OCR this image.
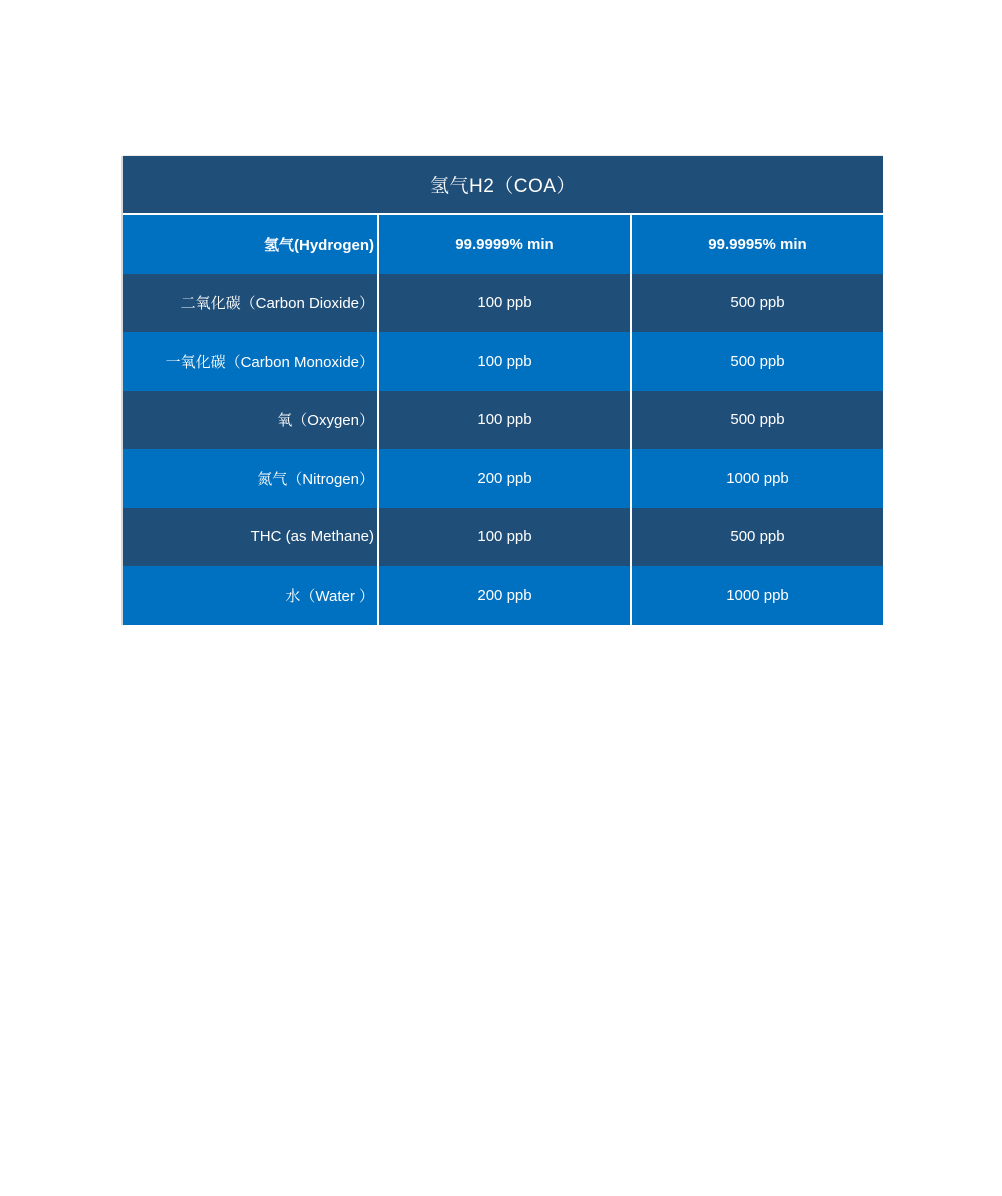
氢气H2（COA）
氢气(Hydrogen)	99.9999% min	99.9995% min
二氧化碳（Carbon Dioxide）	100 ppb	500 ppb
一氧化碳（Carbon Monoxide）	100 ppb	500 ppb
氧（Oxygen）	100 ppb	500 ppb
氮气（Nitrogen）	200 ppb	1000 ppb
THC (as Methane)	100 ppb	500 ppb
水（Water ）	200 ppb	1000 ppb
